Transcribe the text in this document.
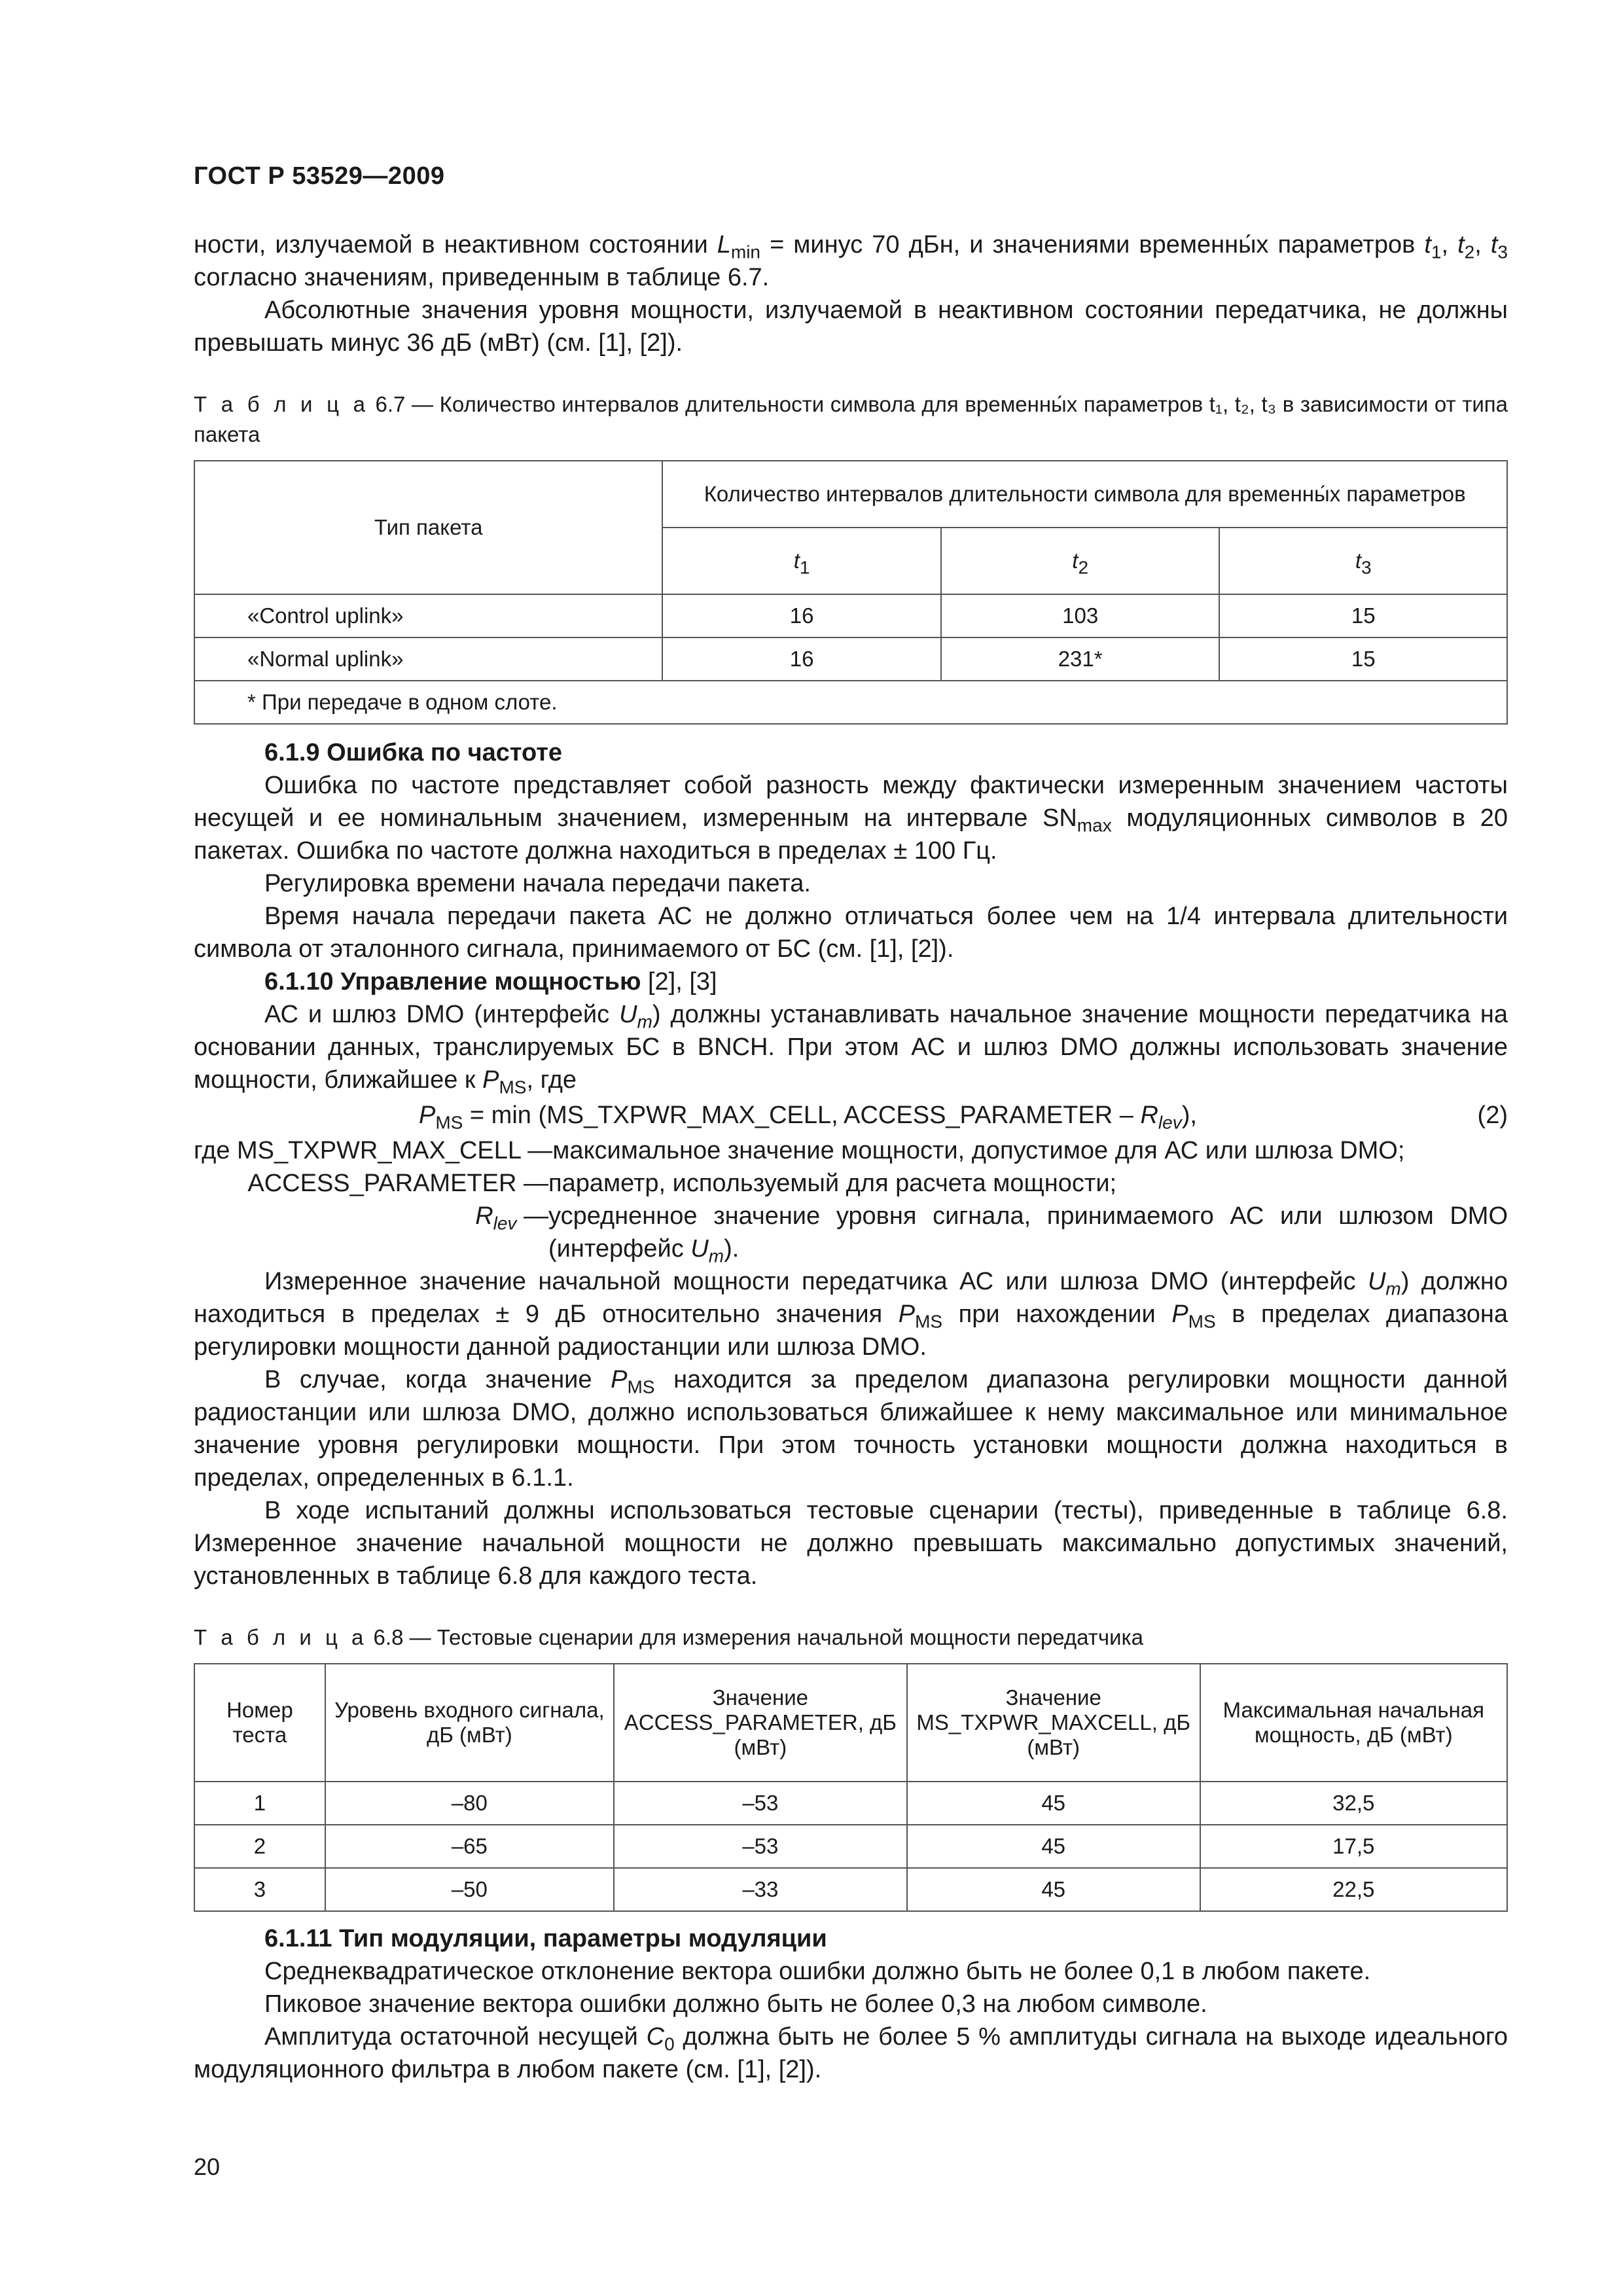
ГОСТ Р 53529—2009

ности, излучаемой в неактивном состоянии $L_{min}$ = минус 70 дБн, и значениями временны́х параметров $t_1$, $t_2$, $t_3$ согласно значениям, приведенным в таблице 6.7.

Абсолютные значения уровня мощности, излучаемой в неактивном состоянии передатчика, не должны превышать минус 36 дБ (мВт) (см. [1], [2]).

Т а б л и ц а 6.7 — Количество интервалов длительности символа для временны́х параметров t₁, t₂, t₃ в зависимости от типа пакета
Тип пакета	Количество интервалов длительности символа для временны́х параметров		
	$t_1$	$t_2$	$t_3$
«Control uplink»	16	103	15
«Normal uplink»	16	231*	15
* При передаче в одном слоте.			
6.1.9 Ошибка по частоте

Ошибка по частоте представляет собой разность между фактически измеренным значением частоты несущей и ее номинальным значением, измеренным на интервале $SN_{max}$ модуляционных символов в 20 пакетах. Ошибка по частоте должна находиться в пределах ± 100 Гц.

Регулировка времени начала передачи пакета.

Время начала передачи пакета АС не должно отличаться более чем на 1/4 интервала длительности символа от эталонного сигнала, принимаемого от БС (см. [1], [2]).

6.1.10 Управление мощностью [2], [3]

АС и шлюз DMO (интерфейс $U_m$) должны устанавливать начальное значение мощности передатчика на основании данных, транслируемых БС в BNCH. При этом АС и шлюз DMO должны использовать значение мощности, ближайшее к $P_{MS}$, где

$P_{MS} = \min$ (MS_TXPWR_MAX_CELL, ACCESS_PARAMETER – $R_{lev}$),	(2)
где MS_TXPWR_MAX_CELL — максимальное значение мощности, допустимое для АС или шлюза DMO;
ACCESS_PARAMETER — параметр, используемый для расчета мощности;
$R_{lev}$ — усредненное значение уровня сигнала, принимаемого АС или шлюзом DMO (интерфейс $U_m$).

Измеренное значение начальной мощности передатчика АС или шлюза DMO (интерфейс $U_m$) должно находиться в пределах ± 9 дБ относительно значения $P_{MS}$ при нахождении $P_{MS}$ в пределах диапазона регулировки мощности данной радиостанции или шлюза DMO.

В случае, когда значение $P_{MS}$ находится за пределом диапазона регулировки мощности данной радиостанции или шлюза DMO, должно использоваться ближайшее к нему максимальное или минимальное значение уровня регулировки мощности. При этом точность установки мощности должна находиться в пределах, определенных в 6.1.1.

В ходе испытаний должны использоваться тестовые сценарии (тесты), приведенные в таблице 6.8. Измеренное значение начальной мощности не должно превышать максимально допустимых значений, установленных в таблице 6.8 для каждого теста.

Т а б л и ц а 6.8 — Тестовые сценарии для измерения начальной мощности передатчика
Номер теста	Уровень входного сигнала, дБ (мВт)	Значение ACCESS_PARAMETER, дБ (мВт)	Значение MS_TXPWR_MAXCELL, дБ (мВт)	Максимальная начальная мощность, дБ (мВт)
1	–80	–53	45	32,5
2	–65	–53	45	17,5
3	–50	–33	45	22,5
6.1.11 Тип модуляции, параметры модуляции

Среднеквадратическое отклонение вектора ошибки должно быть не более 0,1 в любом пакете.

Пиковое значение вектора ошибки должно быть не более 0,3 на любом символе.

Амплитуда остаточной несущей $C_0$ должна быть не более 5 % амплитуды сигнала на выходе идеального модуляционного фильтра в любом пакете (см. [1], [2]).

20
